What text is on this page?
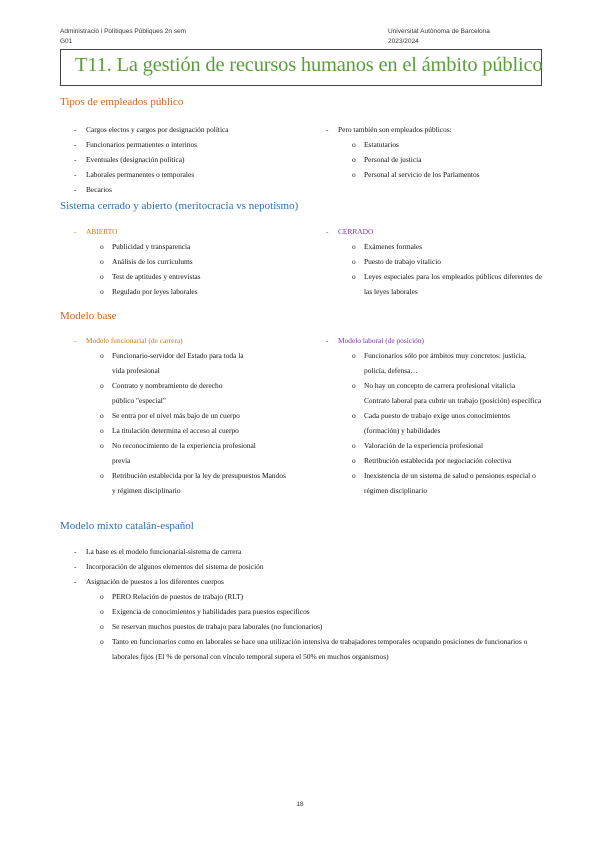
Administració i Polítiques Públiques 2n sem
G01
Universitat Autònoma de Barcelona
2023/2024
T11. La gestión de recursos humanos en el ámbito público
Tipos de empleados público
- Cargos electos y cargos por designación política
- Funcionarios permanentes o interinos
- Eventuales (designación política)
- Laborales permanentes o temporales
- Becarios
- Pero también son empleados públicos:
o Estatutarios
o Personal de justicia
o Personal al servicio de los Parlamentos
Sistema cerrado y abierto (meritocracia vs nepotismo)
- ABIERTO
o Publicidad y transparencia
o Análisis de los currículums
o Test de aptitudes y entrevistas
o Regulado por leyes laborales
- CERRADO
o Exámenes formales
o Puesto de trabajo vitalicio
o Leyes especiales para los empleados públicos diferentes de las leyes laborales
Modelo base
- Modelo funcionarial (de carrera)
o Funcionario-servidor del Estado para toda la vida profesional
o Contrato y nombramiento de derecho público "especial"
o Se entra por el nivel más bajo de un cuerpo
o La titulación determina el acceso al cuerpo
o No reconocimiento de la experiencia profesional previa
o Retribución establecida por la ley de presupuestos Mandos y régimen disciplinario
- Modelo laboral (de posición)
o Funcionarios sólo por ámbitos muy concretos: justicia, policía, defensa…
o No hay un concepto de carrera profesional vitalicia Contrato laboral para cubrir un trabajo (posición) específica
o Cada puesto de trabajo exige unos conocimientos (formación) y habilidades
o Valoración de la experiencia profesional
o Retribución establecida por negociación colectiva
o Inexistencia de un sistema de salud o pensiones especial o régimen disciplinario
Modelo mixto catalán-español
- La base es el modelo funcionarial-sistema de carrera
- Incorporación de algunos elementos del sistema de posición
- Asignación de puestos a los diferentes cuerpos
o PERO Relación de puestos de trabajo (RLT)
o Exigencia de conocimientos y habilidades para puestos específicos
o Se reservan muchos puestos de trabajo para laborales (no funcionarios)
o Tanto en funcionarios como en laborales se hace una utilización intensiva de trabajadores temporales ocupando posiciones de funcionarios o laborales fijos (El % de personal con vínculo temporal supera el 50% en muchos organismos)
18
